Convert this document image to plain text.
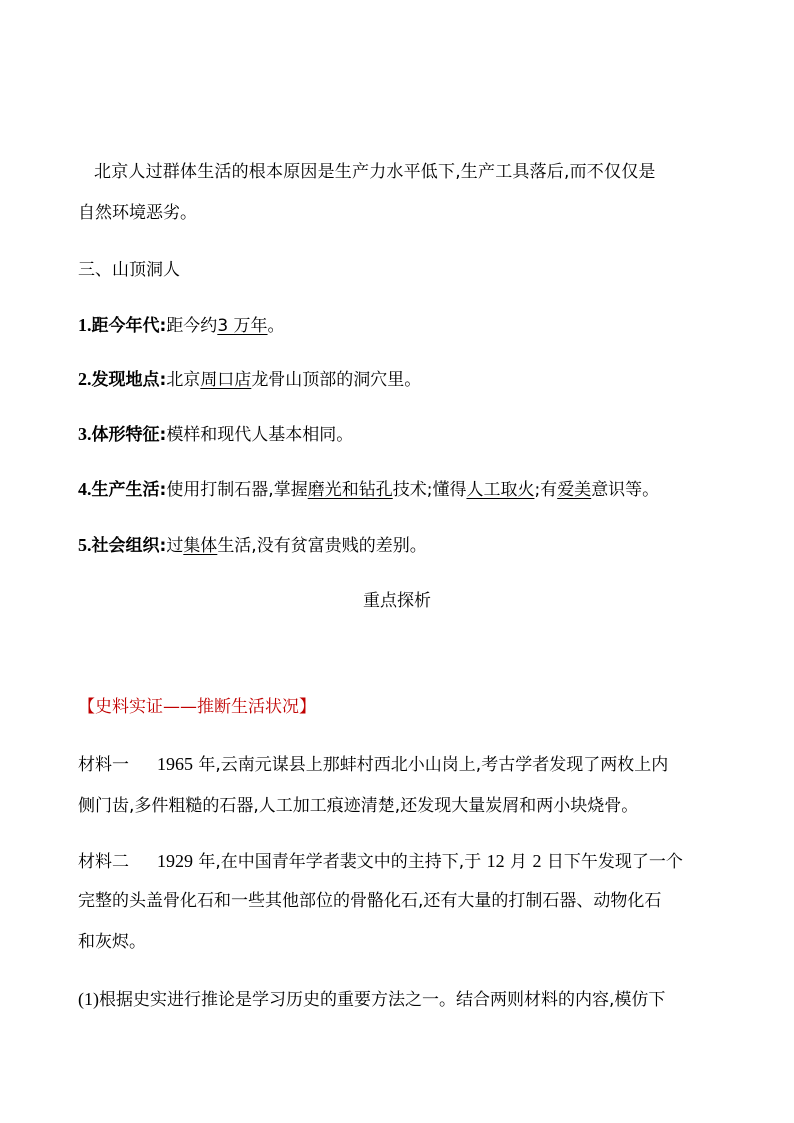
北京人过群体生活的根本原因是生产力水平低下,生产工具落后,而不仅仅是
自然环境恶劣。
三、山顶洞人
1.距今年代:距今约3 万年。
2.发现地点:北京周口店龙骨山顶部的洞穴里。
3.体形特征:模样和现代人基本相同。
4.生产生活:使用打制石器,掌握磨光和钻孔技术;懂得人工取火;有爱美意识等。
5.社会组织:过集体生活,没有贫富贵贱的差别。
重点探析
【史料实证——推断生活状况】
材料一 1965 年,云南元谋县上那蚌村西北小山岗上,考古学者发现了两枚上内
侧门齿,多件粗糙的石器,人工加工痕迹清楚,还发现大量炭屑和两小块烧骨。
材料二 1929 年,在中国青年学者裴文中的主持下,于 12 月 2 日下午发现了一个
完整的头盖骨化石和一些其他部位的骨骼化石,还有大量的打制石器、动物化石
和灰烬。
(1)根据史实进行推论是学习历史的重要方法之一。结合两则材料的内容,模仿下
